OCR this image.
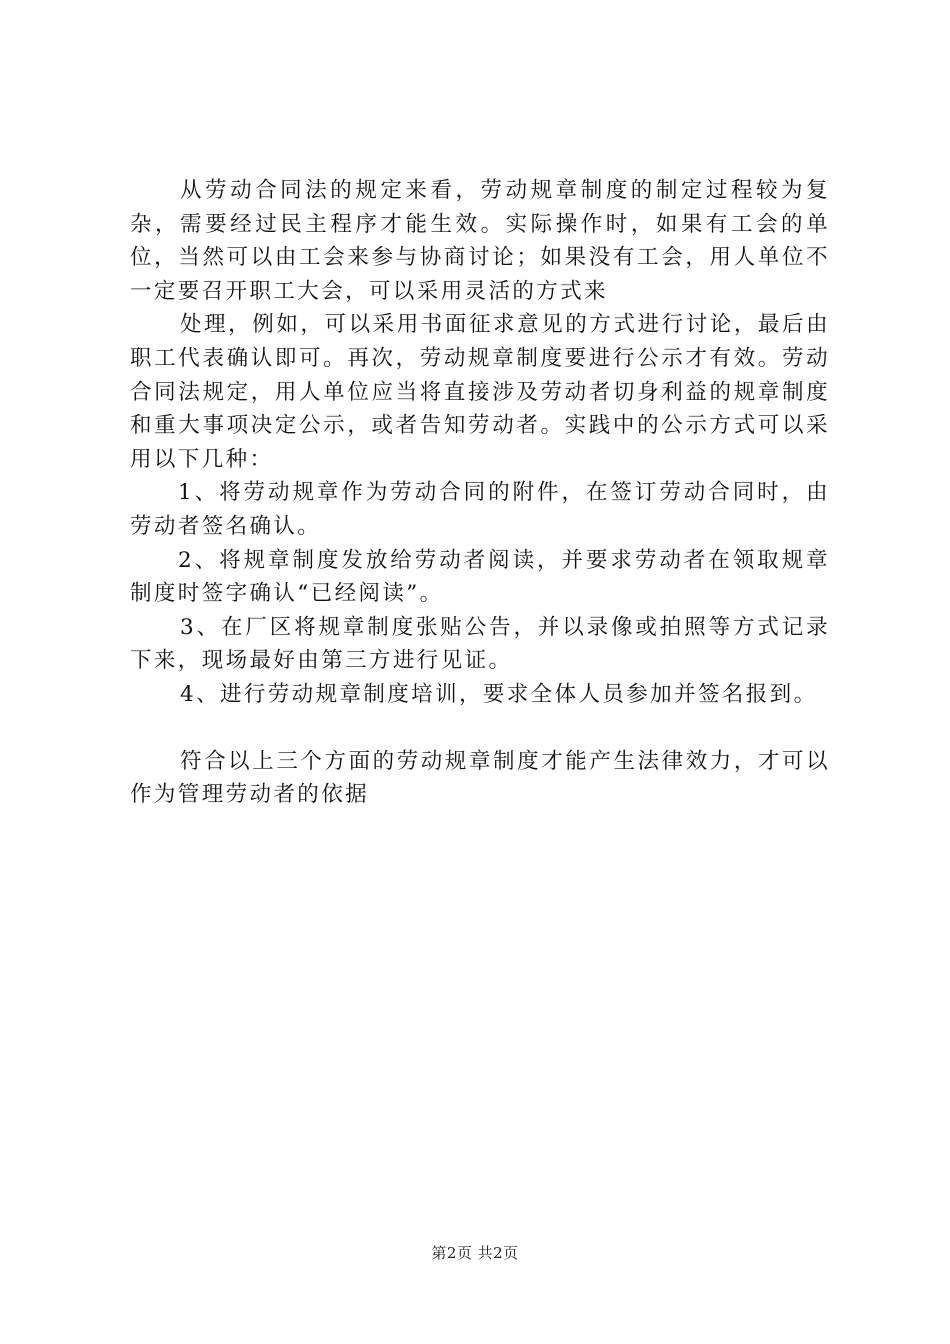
从劳动合同法的规定来看，劳动规章制度的制定过程较为复杂，需要经过民主程序才能生效。实际操作时，如果有工会的单位，当然可以由工会来参与协商讨论；如果没有工会，用人单位不一定要召开职工大会，可以采用灵活的方式来

处理，例如，可以采用书面征求意见的方式进行讨论，最后由职工代表确认即可。再次，劳动规章制度要进行公示才有效。劳动合同法规定，用人单位应当将直接涉及劳动者切身利益的规章制度和重大事项决定公示，或者告知劳动者。实践中的公示方式可以采用以下几种：

1、将劳动规章作为劳动合同的附件，在签订劳动合同时，由劳动者签名确认。

2、将规章制度发放给劳动者阅读，并要求劳动者在领取规章制度时签字确认“已经阅读”。

3、在厂区将规章制度张贴公告，并以录像或拍照等方式记录下来，现场最好由第三方进行见证。

4、进行劳动规章制度培训，要求全体人员参加并签名报到。

符合以上三个方面的劳动规章制度才能产生法律效力，才可以作为管理劳动者的依据

第2页 共2页
